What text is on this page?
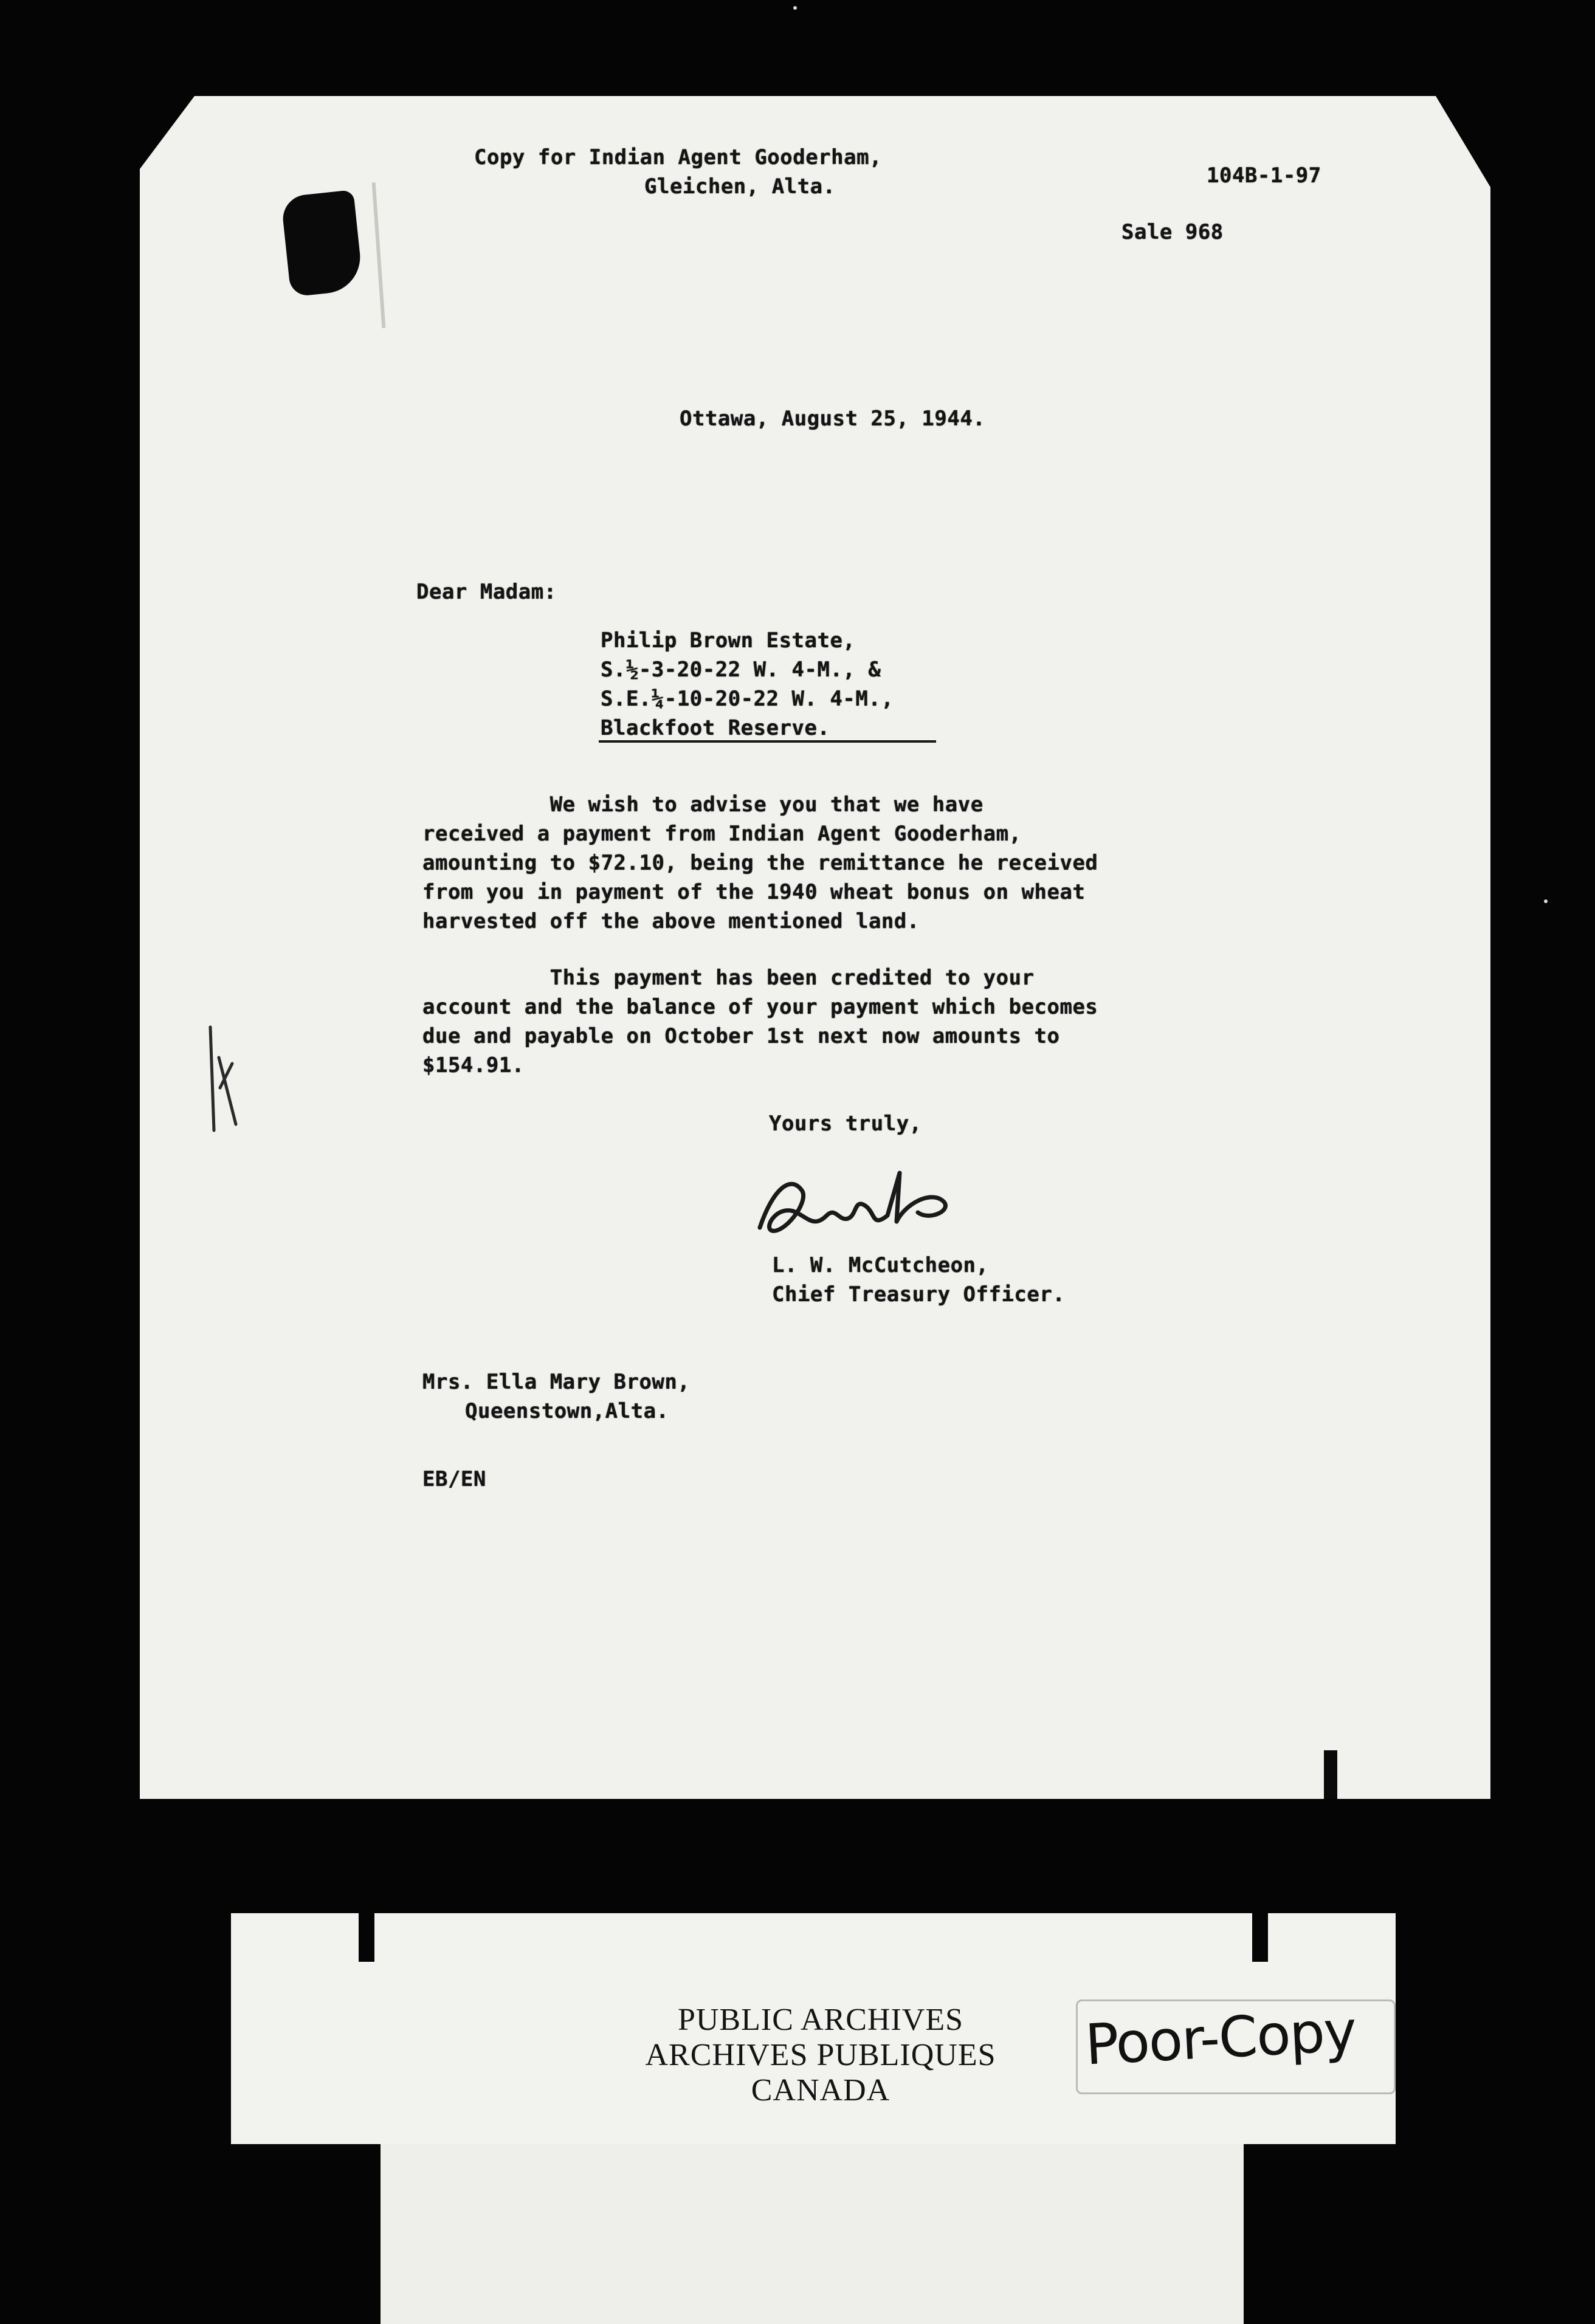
Copy for Indian Agent Gooderham,
Gleichen, Alta.	104B-1-97
Sale 968
Ottawa, August 25, 1944.
Dear Madam:
Philip Brown Estate,
S.½-3-20-22 W. 4-M., &
S.E.¼-10-20-22 W. 4-M.,
Blackfoot Reserve.
We wish to advise you that we have
received a payment from Indian Agent Gooderham,
amounting to $72.10, being the remittance he received
from you in payment of the 1940 wheat bonus on wheat
harvested off the above mentioned land.
This payment has been credited to your
account and the balance of your payment which becomes
due and payable on October 1st next now amounts to
$154.91.
Yours truly,
L. W. McCutcheon,
Chief Treasury Officer.
Mrs. Ella Mary Brown,
Queenstown,Alta.
EB/EN
PUBLIC ARCHIVES
ARCHIVES PUBLIQUES
CANADA
Poor-Copy
